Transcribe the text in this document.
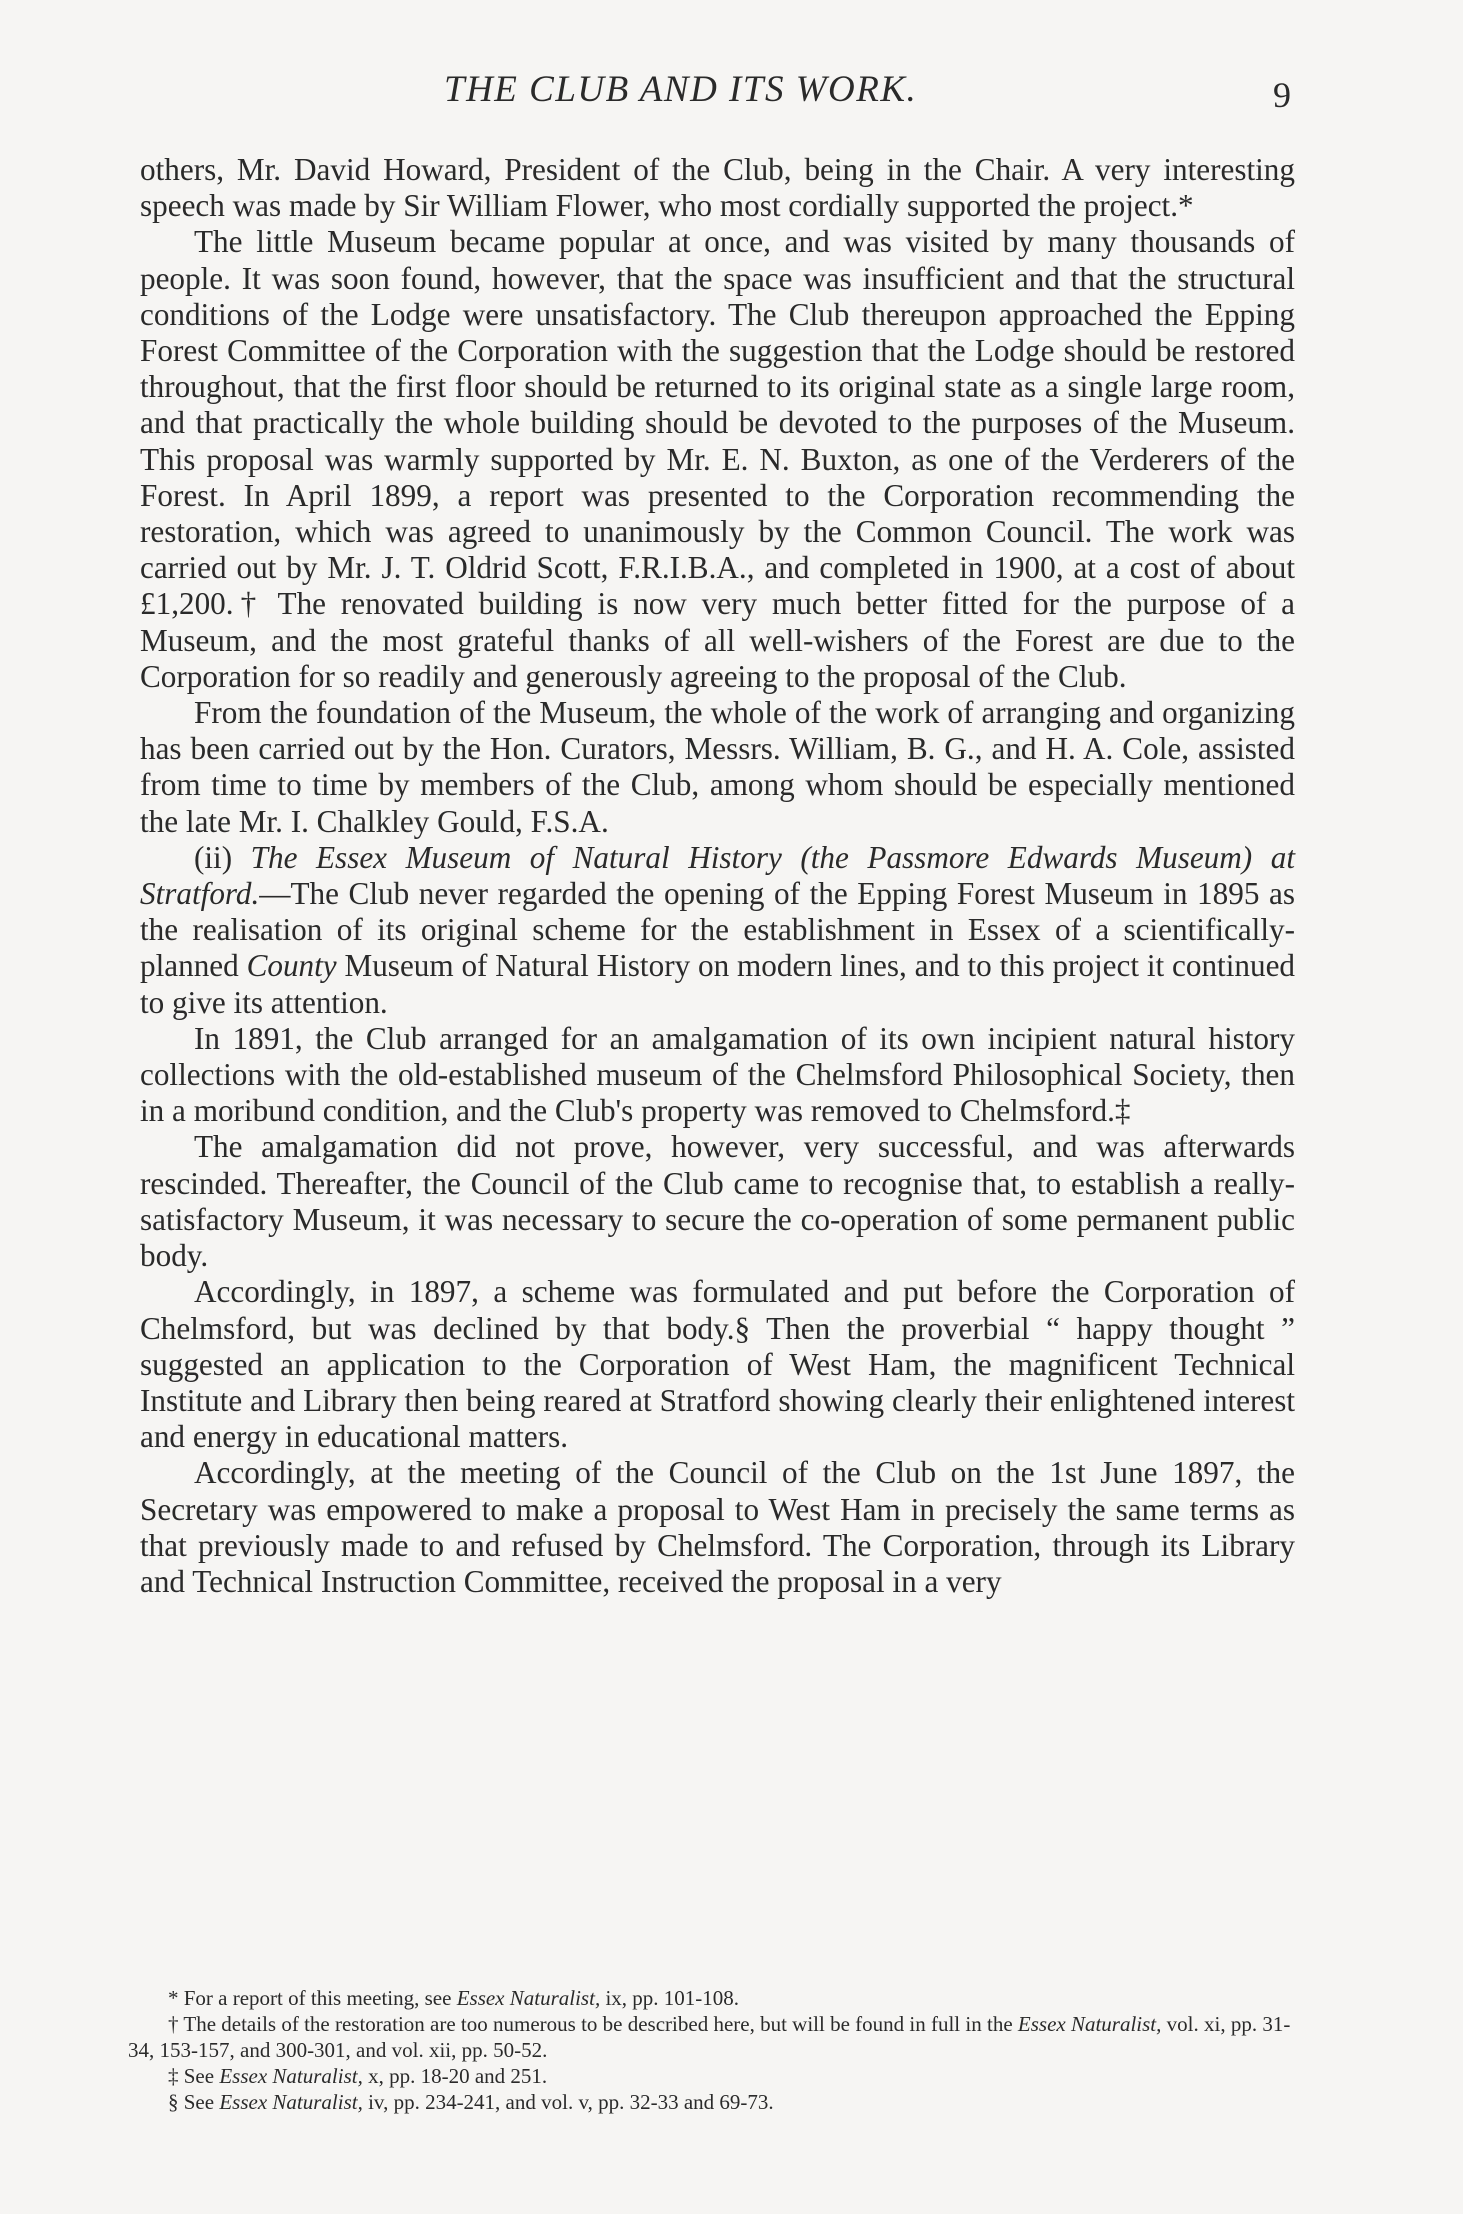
THE CLUB AND ITS WORK.	9

others, Mr. David Howard, President of the Club, being in the Chair. A very interesting speech was made by Sir William Flower, who most cordially supported the project.*

The little Museum became popular at once, and was visited by many thousands of people. It was soon found, however, that the space was insufficient and that the structural conditions of the Lodge were unsatisfactory. The Club thereupon approached the Epping Forest Committee of the Corporation with the suggestion that the Lodge should be restored throughout, that the first floor should be returned to its original state as a single large room, and that practically the whole building should be devoted to the purposes of the Museum. This proposal was warmly supported by Mr. E. N. Buxton, as one of the Verderers of the Forest. In April 1899, a report was presented to the Corporation recommending the restoration, which was agreed to unanimously by the Common Council. The work was carried out by Mr. J. T. Oldrid Scott, F.R.I.B.A., and completed in 1900, at a cost of about £1,200.† The renovated building is now very much better fitted for the purpose of a Museum, and the most grateful thanks of all well-wishers of the Forest are due to the Corporation for so readily and generously agreeing to the proposal of the Club.

From the foundation of the Museum, the whole of the work of arranging and organizing has been carried out by the Hon. Curators, Messrs. William, B. G., and H. A. Cole, assisted from time to time by members of the Club, among whom should be especially mentioned the late Mr. I. Chalkley Gould, F.S.A.

(ii) The Essex Museum of Natural History (the Passmore Edwards Museum) at Stratford.—The Club never regarded the opening of the Epping Forest Museum in 1895 as the realisation of its original scheme for the establishment in Essex of a scientifically-planned County Museum of Natural History on modern lines, and to this project it continued to give its attention.

In 1891, the Club arranged for an amalgamation of its own incipient natural history collections with the old-established museum of the Chelmsford Philosophical Society, then in a moribund condition, and the Club's property was removed to Chelmsford.‡

The amalgamation did not prove, however, very successful, and was afterwards rescinded. Thereafter, the Council of the Club came to recognise that, to establish a really-satisfactory Museum, it was necessary to secure the co-operation of some permanent public body.

Accordingly, in 1897, a scheme was formulated and put before the Corporation of Chelmsford, but was declined by that body.§ Then the proverbial “ happy thought ” suggested an application to the Corporation of West Ham, the magnificent Technical Institute and Library then being reared at Stratford showing clearly their enlightened interest and energy in educational matters.

Accordingly, at the meeting of the Council of the Club on the 1st June 1897, the Secretary was empowered to make a proposal to West Ham in precisely the same terms as that previously made to and refused by Chelmsford. The Corporation, through its Library and Technical Instruction Committee, received the proposal in a very

* For a report of this meeting, see Essex Naturalist, ix, pp. 101-108.

† The details of the restoration are too numerous to be described here, but will be found in full in the Essex Naturalist, vol. xi, pp. 31-34, 153-157, and 300-301, and vol. xii, pp. 50-52.

‡ See Essex Naturalist, x, pp. 18-20 and 251.

§ See Essex Naturalist, iv, pp. 234-241, and vol. v, pp. 32-33 and 69-73.
